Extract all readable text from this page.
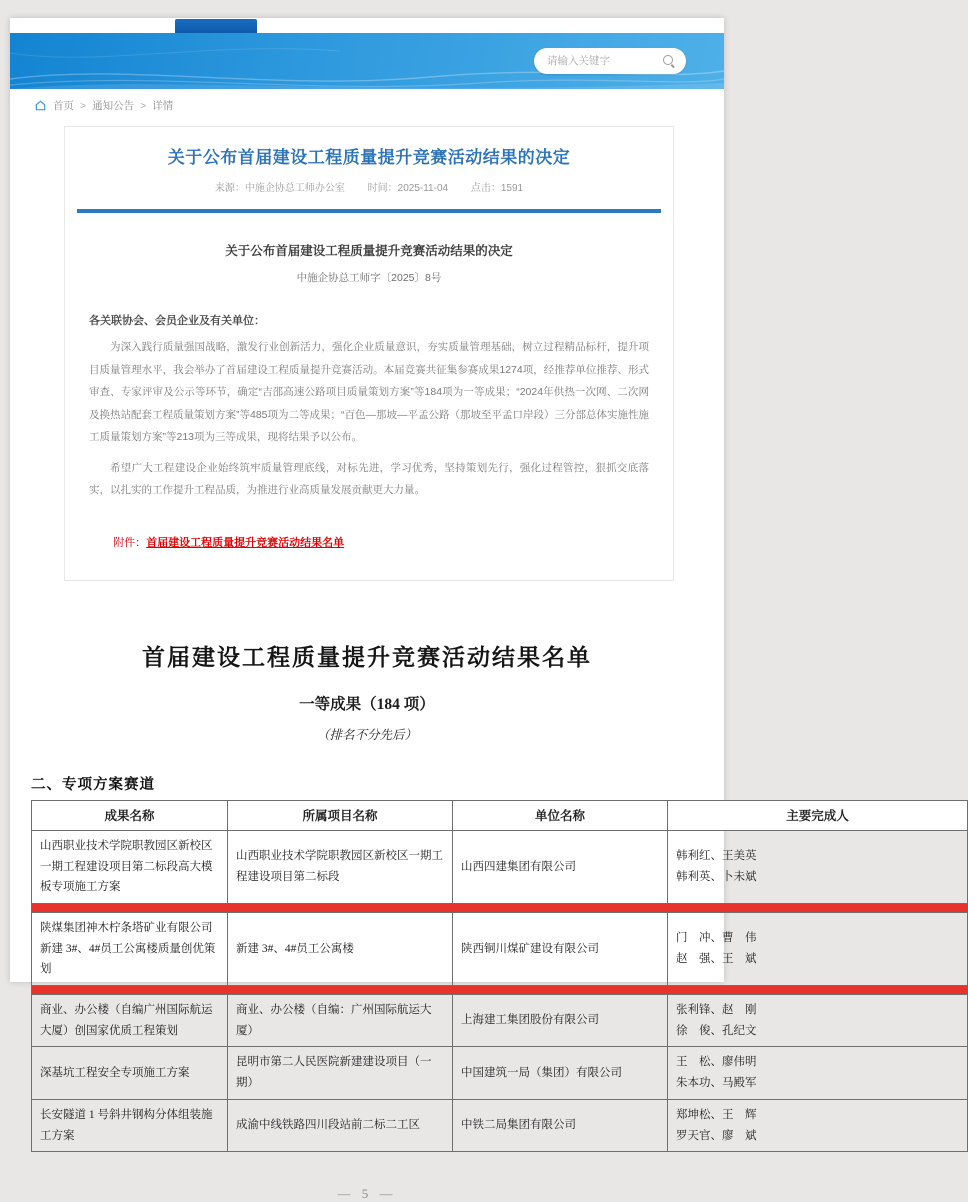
请输入关键字
首页 > 通知公告 > 详情
关于公布首届建设工程质量提升竞赛活动结果的决定
来源：中施企协总工师办公室 时间：2025-11-04 点击：1591
关于公布首届建设工程质量提升竞赛活动结果的决定
中施企协总工师字〔2025〕8号
各关联协会、会员企业及有关单位：

为深入践行质量强国战略，激发行业创新活力，强化企业质量意识，夯实质量管理基础，树立过程精品标杆，提升项目质量管理水平，我会举办了首届建设工程质量提升竞赛活动。本届竞赛共征集参赛成果1274项，经推荐单位推荐、形式审查、专家评审及公示等环节，确定“吉邵高速公路项目质量策划方案”等184项为一等成果；“2024年供热一次网、二次网及换热站配套工程质量策划方案”等485项为二等成果；“百色—那坡—平孟公路（那坡至平孟口岸段）三分部总体实施性施工质量策划方案”等213项为三等成果，现将结果予以公布。

希望广大工程建设企业始终筑牢质量管理底线，对标先进，学习优秀，坚持策划先行，强化过程管控，狠抓交底落实，以扎实的工作提升工程品质，为推进行业高质量发展贡献更大力量。

附件：首届建设工程质量提升竞赛活动结果名单
首届建设工程质量提升竞赛活动结果名单
一等成果（184 项）
（排名不分先后）
二、专项方案赛道
成果名称	所属项目名称	单位名称	主要完成人
山西职业技术学院职教园区新校区一期工程建设项目第二标段高大模板专项施工方案	山西职业技术学院职教园区新校区一期工程建设项目第二标段	山西四建集团有限公司	韩利红、王美英
韩利英、卜未斌

陕煤集团神木柠条塔矿业有限公司新建 3#、4#员工公寓楼质量创优策划	新建 3#、4#员工公寓楼	陕西铜川煤矿建设有限公司	门　冲、曹　伟
赵　强、王　斌

商业、办公楼（自编广州国际航运大厦）创国家优质工程策划	商业、办公楼（自编：广州国际航运大厦）	上海建工集团股份有限公司	张利锋、赵　刚
徐　俊、孔纪文

深基坑工程安全专项施工方案	昆明市第二人民医院新建建设项目（一期）	中国建筑一局（集团）有限公司	王　松、廖伟明
朱本功、马殿军

长安隧道 1 号斜井钢构分体组装施工方案	成渝中线铁路四川段站前二标二工区	中铁二局集团有限公司	郑坤松、王　辉
罗天官、廖　斌
— 5 —
